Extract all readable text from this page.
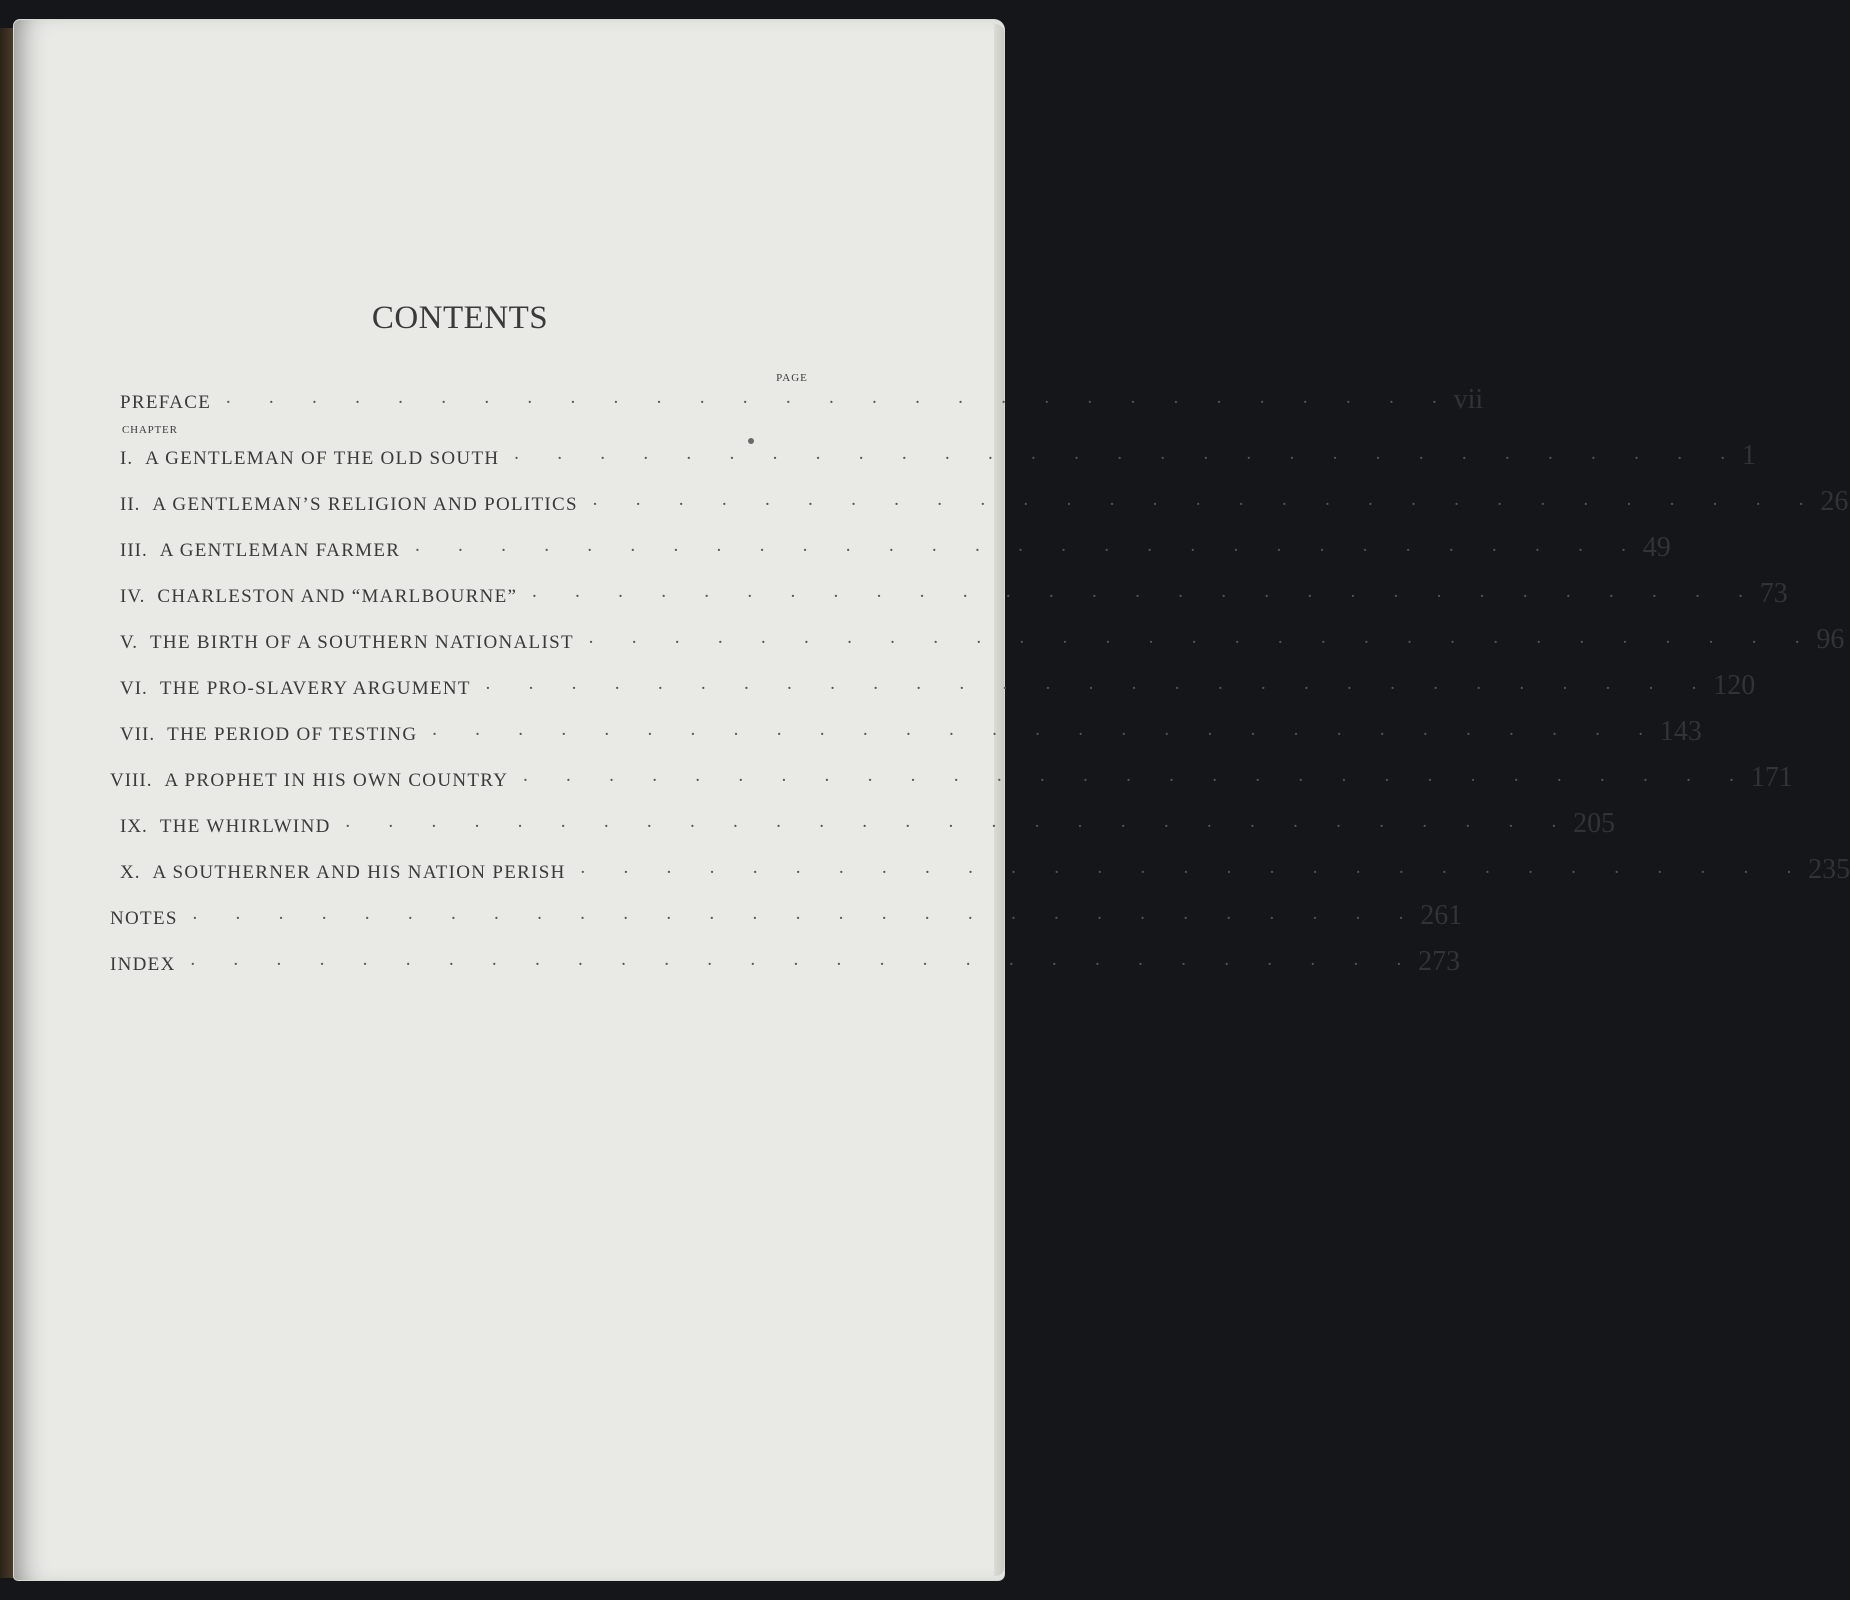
CONTENTS
PAGE
CHAPTER
PREFACE · · · · · · · · · · · · · · · · · · · · · · · · · · · · · vii
I. A GENTLEMAN OF THE OLD SOUTH · · · · · · · · · · · · · · · · · · · · · · · · · · · · · 1
II. A GENTLEMAN’S RELIGION AND POLITICS · · · · · · · · · · · · · · · · · · · · · · · · · · · · · 26
III. A GENTLEMAN FARMER · · · · · · · · · · · · · · · · · · · · · · · · · · · · · 49
IV. CHARLESTON AND “MARLBOURNE” · · · · · · · · · · · · · · · · · · · · · · · · · · · · · 73
V. THE BIRTH OF A SOUTHERN NATIONALIST · · · · · · · · · · · · · · · · · · · · · · · · · · · · · 96
VI. THE PRO-SLAVERY ARGUMENT · · · · · · · · · · · · · · · · · · · · · · · · · · · · · 120
VII. THE PERIOD OF TESTING · · · · · · · · · · · · · · · · · · · · · · · · · · · · · 143
VIII. A PROPHET IN HIS OWN COUNTRY · · · · · · · · · · · · · · · · · · · · · · · · · · · · · 171
IX. THE WHIRLWIND · · · · · · · · · · · · · · · · · · · · · · · · · · · · · 205
X. A SOUTHERNER AND HIS NATION PERISH · · · · · · · · · · · · · · · · · · · · · · · · · · · · · 235
NOTES · · · · · · · · · · · · · · · · · · · · · · · · · · · · · 261
INDEX · · · · · · · · · · · · · · · · · · · · · · · · · · · · · 273
